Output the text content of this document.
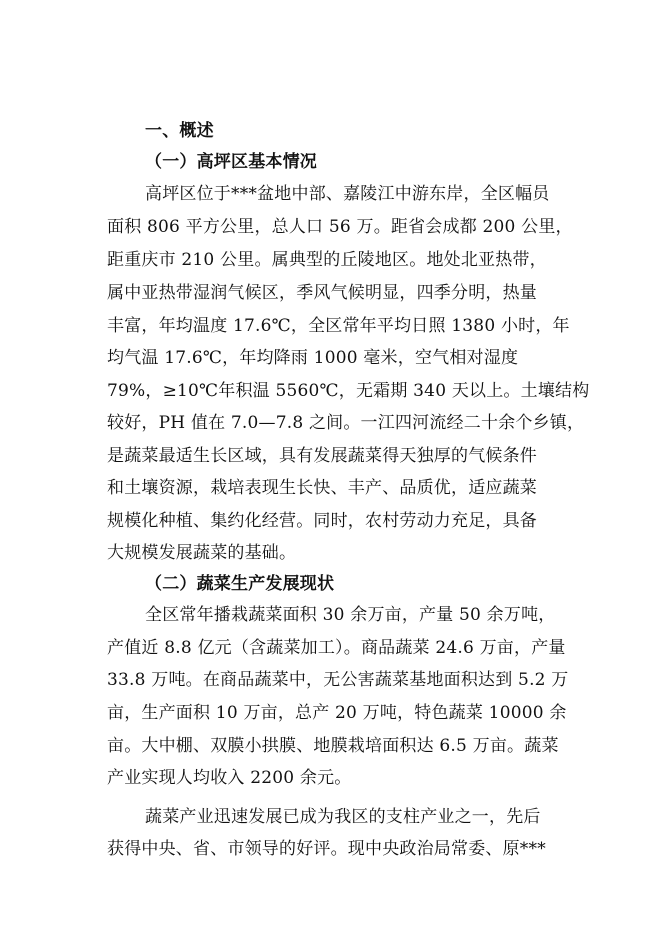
一、概述
（一）高坪区基本情况
高坪区位于***盆地中部、嘉陵江中游东岸，全区幅员
面积 806 平方公里，总人口 56 万。距省会成都 200 公里，
距重庆市 210 公里。属典型的丘陵地区。地处北亚热带，
属中亚热带湿润气候区，季风气候明显，四季分明，热量
丰富，年均温度 17.6℃，全区常年平均日照 1380 小时，年
均气温 17.6℃，年均降雨 1000 毫米，空气相对湿度
79%，≥10℃年积温 5560℃，无霜期 340 天以上。土壤结构
较好，PH 值在 7.0—7.8 之间。一江四河流经二十余个乡镇，
是蔬菜最适生长区域，具有发展蔬菜得天独厚的气候条件
和土壤资源，栽培表现生长快、丰产、品质优，适应蔬菜
规模化种植、集约化经营。同时，农村劳动力充足，具备
大规模发展蔬菜的基础。
（二）蔬菜生产发展现状
全区常年播栽蔬菜面积 30 余万亩，产量 50 余万吨，
产值近 8.8 亿元（含蔬菜加工）。商品蔬菜 24.6 万亩，产量
33.8 万吨。在商品蔬菜中，无公害蔬菜基地面积达到 5.2 万
亩，生产面积 10 万亩，总产 20 万吨，特色蔬菜 10000 余
亩。大中棚、双膜小拱膜、地膜栽培面积达 6.5 万亩。蔬菜
产业实现人均收入 2200 余元。
蔬菜产业迅速发展已成为我区的支柱产业之一，先后
获得中央、省、市领导的好评。现中央政治局常委、原***
